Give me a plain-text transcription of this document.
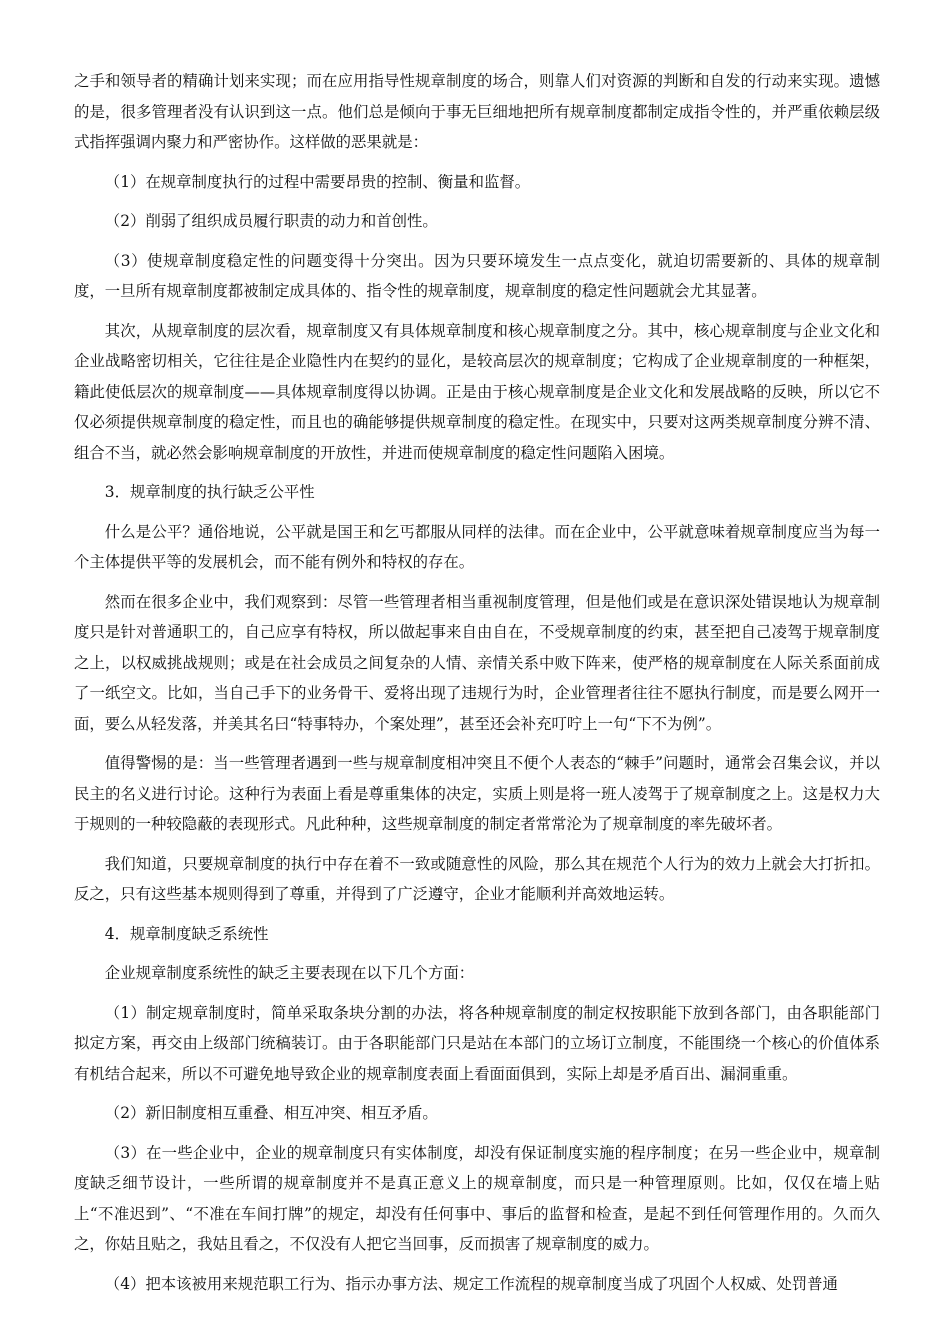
之手和领导者的精确计划来实现；而在应用指导性规章制度的场合，则靠人们对资源的判断和自发的行动来实现。遗憾的是，很多管理者没有认识到这一点。他们总是倾向于事无巨细地把所有规章制度都制定成指令性的，并严重依赖层级式指挥强调内聚力和严密协作。这样做的恶果就是：

（1）在规章制度执行的过程中需要昂贵的控制、衡量和监督。

（2）削弱了组织成员履行职责的动力和首创性。

（3）使规章制度稳定性的问题变得十分突出。因为只要环境发生一点点变化，就迫切需要新的、具体的规章制度，一旦所有规章制度都被制定成具体的、指令性的规章制度，规章制度的稳定性问题就会尤其显著。

其次，从规章制度的层次看，规章制度又有具体规章制度和核心规章制度之分。其中，核心规章制度与企业文化和企业战略密切相关，它往往是企业隐性内在契约的显化，是较高层次的规章制度；它构成了企业规章制度的一种框架，籍此使低层次的规章制度——具体规章制度得以协调。正是由于核心规章制度是企业文化和发展战略的反映，所以它不仅必须提供规章制度的稳定性，而且也的确能够提供规章制度的稳定性。在现实中，只要对这两类规章制度分辨不清、组合不当，就必然会影响规章制度的开放性，并进而使规章制度的稳定性问题陷入困境。

3．规章制度的执行缺乏公平性

什么是公平？通俗地说，公平就是国王和乞丐都服从同样的法律。而在企业中，公平就意味着规章制度应当为每一个主体提供平等的发展机会，而不能有例外和特权的存在。

然而在很多企业中，我们观察到：尽管一些管理者相当重视制度管理，但是他们或是在意识深处错误地认为规章制度只是针对普通职工的，自己应享有特权，所以做起事来自由自在，不受规章制度的约束，甚至把自己凌驾于规章制度之上，以权威挑战规则；或是在社会成员之间复杂的人情、亲情关系中败下阵来，使严格的规章制度在人际关系面前成了一纸空文。比如，当自己手下的业务骨干、爱将出现了违规行为时，企业管理者往往不愿执行制度，而是要么网开一面，要么从轻发落，并美其名曰“特事特办，个案处理”，甚至还会补充叮咛上一句“下不为例”。

值得警惕的是：当一些管理者遇到一些与规章制度相冲突且不便个人表态的“棘手”问题时，通常会召集会议，并以民主的名义进行讨论。这种行为表面上看是尊重集体的决定，实质上则是将一班人凌驾于了规章制度之上。这是权力大于规则的一种较隐蔽的表现形式。凡此种种，这些规章制度的制定者常常沦为了规章制度的率先破坏者。

我们知道，只要规章制度的执行中存在着不一致或随意性的风险，那么其在规范个人行为的效力上就会大打折扣。反之，只有这些基本规则得到了尊重，并得到了广泛遵守，企业才能顺利并高效地运转。

4．规章制度缺乏系统性

企业规章制度系统性的缺乏主要表现在以下几个方面：

（1）制定规章制度时，简单采取条块分割的办法，将各种规章制度的制定权按职能下放到各部门，由各职能部门拟定方案，再交由上级部门统稿装订。由于各职能部门只是站在本部门的立场订立制度，不能围绕一个核心的价值体系有机结合起来，所以不可避免地导致企业的规章制度表面上看面面俱到，实际上却是矛盾百出、漏洞重重。

（2）新旧制度相互重叠、相互冲突、相互矛盾。

（3）在一些企业中，企业的规章制度只有实体制度，却没有保证制度实施的程序制度；在另一些企业中，规章制度缺乏细节设计，一些所谓的规章制度并不是真正意义上的规章制度，而只是一种管理原则。比如，仅仅在墙上贴上“不准迟到”、“不准在车间打牌”的规定，却没有任何事中、事后的监督和检查，是起不到任何管理作用的。久而久之，你姑且贴之，我姑且看之，不仅没有人把它当回事，反而损害了规章制度的威力。

（4）把本该被用来规范职工行为、指示办事方法、规定工作流程的规章制度当成了巩固个人权威、处罚普通
